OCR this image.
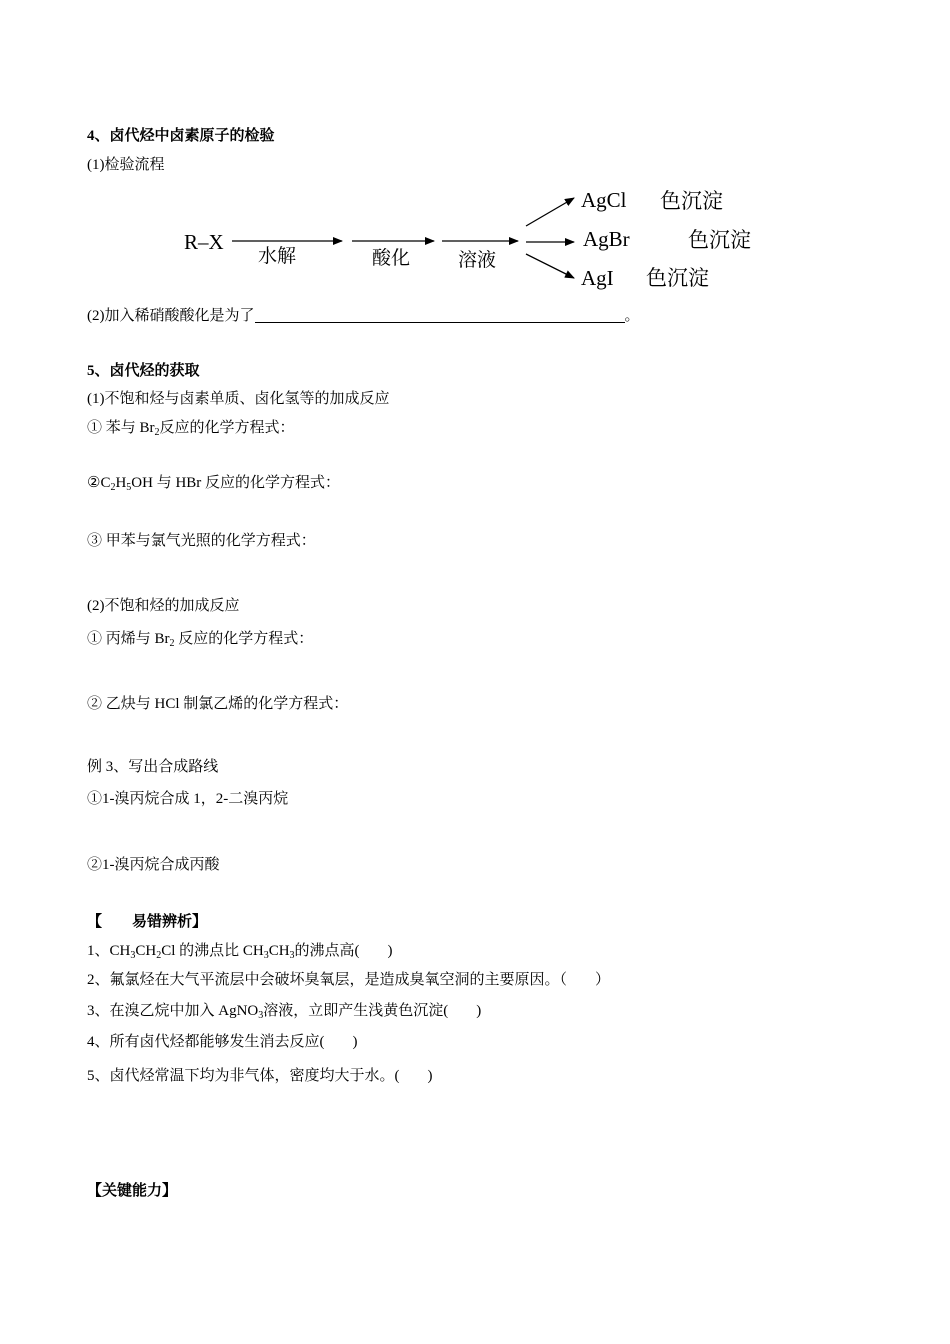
4、卤代烃中卤素原子的检验
(1)检验流程
R–X
水解	酸化	溶液
AgCl 色沉淀
AgBr	色沉淀
AgI 色沉淀
(2)加入稀硝酸酸化是为了	。
5、卤代烃的获取
(1)不饱和烃与卤素单质、卤化氢等的加成反应
① 苯与 $Br_2$反应的化学方程式：
$②C_2H_5OH$ 与 HBr 反应的化学方程式：
③ 甲苯与氯气光照的化学方程式：
(2)不饱和烃的加成反应
① 丙烯与 $Br_2$ 反应的化学方程式：
② 乙炔与 HCl 制氯乙烯的化学方程式：
例 3、写出合成路线
①1-溴丙烷合成 1，2-二溴丙烷
②1-溴丙烷合成丙酸
【　　易错辨析】
1、$CH_3CH_2Cl$ 的沸点比 $CH_3CH_3$的沸点高( )
2、氟氯烃在大气平流层中会破坏臭氧层，是造成臭氧空洞的主要原因。（ ）
3、在溴乙烷中加入 AgNO$_3$溶液，立即产生浅黄色沉淀( )
4、所有卤代烃都能够发生消去反应( )
5、卤代烃常温下均为非气体，密度均大于水。( )
【关键能力】
